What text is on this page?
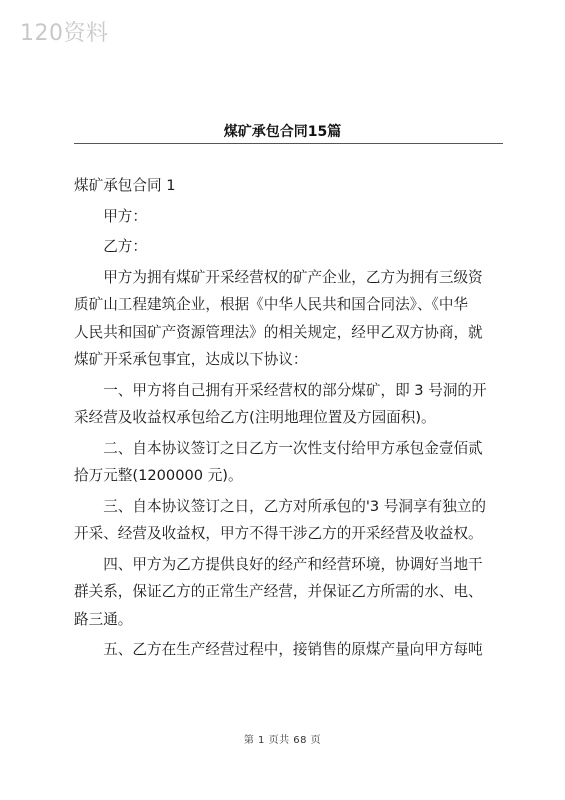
120资料
煤矿承包合同15篇
煤矿承包合同 1
甲方：
乙方：
甲方为拥有煤矿开采经营权的矿产企业，乙方为拥有三级资
质矿山工程建筑企业，根据《中华人民共和国合同法》、《中华
人民共和国矿产资源管理法》的相关规定，经甲乙双方协商，就
煤矿开采承包事宜，达成以下协议：
一、甲方将自己拥有开采经营权的部分煤矿，即 3 号洞的开
采经营及收益权承包给乙方(注明地理位置及方园面积)。
二、自本协议签订之日乙方一次性支付给甲方承包金壹佰贰
拾万元整(1200000 元)。
三、自本协议签订之日，乙方对所承包的'3 号洞享有独立的
开采、经营及收益权，甲方不得干涉乙方的开采经营及收益权。
四、甲方为乙方提供良好的经产和经营环境，协调好当地干
群关系，保证乙方的正常生产经营，并保证乙方所需的水、电、
路三通。
五、乙方在生产经营过程中，接销售的原煤产量向甲方每吨
第 1 页共 68 页
